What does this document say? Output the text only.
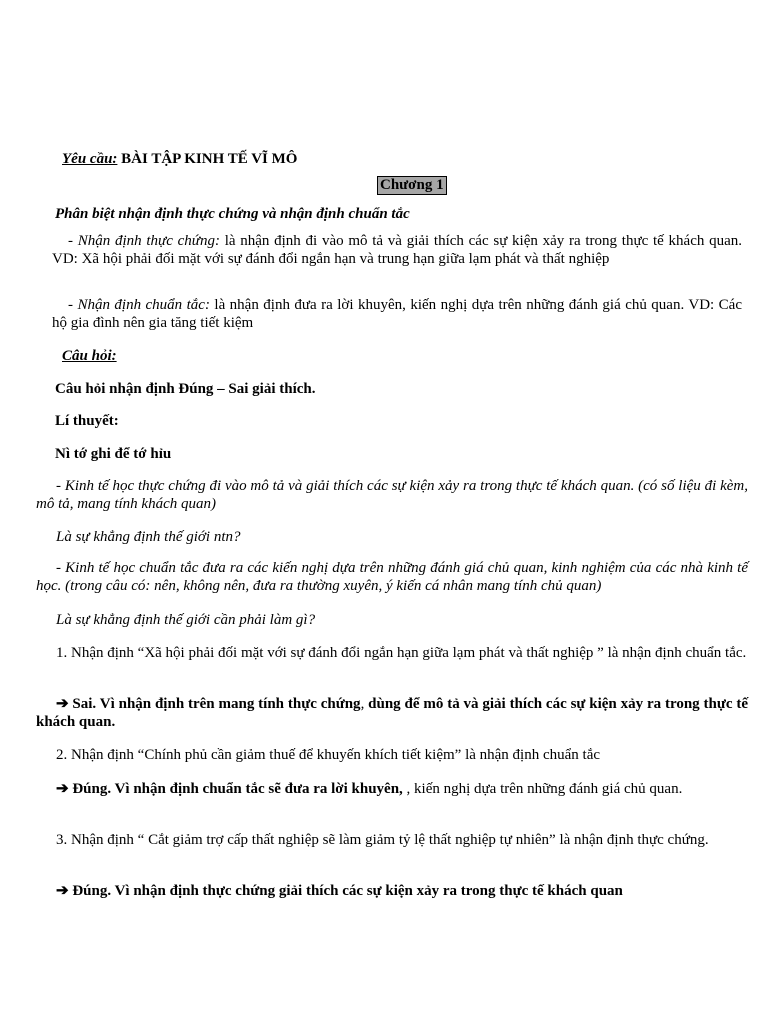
Yêu cầu: BÀI TẬP KINH TẾ VĨ MÔ

Chương 1

Phân biệt nhận định thực chứng và nhận định chuẩn tắc

- Nhận định thực chứng: là nhận định đi vào mô tả và giải thích các sự kiện xảy ra trong thực tế khách quan. VD: Xã hội phải đối mặt với sự đánh đổi ngắn hạn và trung hạn giữa lạm phát và thất nghiệp

- Nhận định chuẩn tắc: là nhận định đưa ra lời khuyên, kiến nghị dựa trên những đánh giá chủ quan. VD: Các hộ gia đình nên gia tăng tiết kiệm

Câu hỏi:

Câu hỏi nhận định Đúng – Sai giải thích.

Lí thuyết:

Nì tớ ghi để tớ hỉu

- Kinh tế học thực chứng đi vào mô tả và giải thích các sự kiện xảy ra trong thực tế khách quan. (có số liệu đi kèm, mô tả, mang tính khách quan)

Là sự khẳng định thế giới ntn?

- Kinh tế học chuẩn tắc đưa ra các kiến nghị dựa trên những đánh giá chủ quan, kinh nghiệm của các nhà kinh tế học. (trong câu có: nên, không nên, đưa ra thường xuyên, ý kiến cá nhân mang tính chủ quan)

Là sự khẳng định thế giới cần phải làm gì?

1. Nhận định “Xã hội phải đối mặt với sự đánh đổi ngắn hạn giữa lạm phát và thất nghiệp ” là nhận định chuẩn tắc.

➔ Sai. Vì nhận định trên mang tính thực chứng, dùng để mô tả và giải thích các sự kiện xảy ra trong thực tế khách quan.

2. Nhận định “Chính phủ cần giảm thuế để khuyến khích tiết kiệm” là nhận định chuẩn tắc

➔ Đúng. Vì nhận định chuẩn tắc sẽ đưa ra lời khuyên, , kiến nghị dựa trên những đánh giá chủ quan.

3. Nhận định “ Cắt giảm trợ cấp thất nghiệp sẽ làm giảm tỷ lệ thất nghiệp tự nhiên” là nhận định thực chứng.

➔ Đúng. Vì nhận định thực chứng giải thích các sự kiện xảy ra trong thực tế khách quan
